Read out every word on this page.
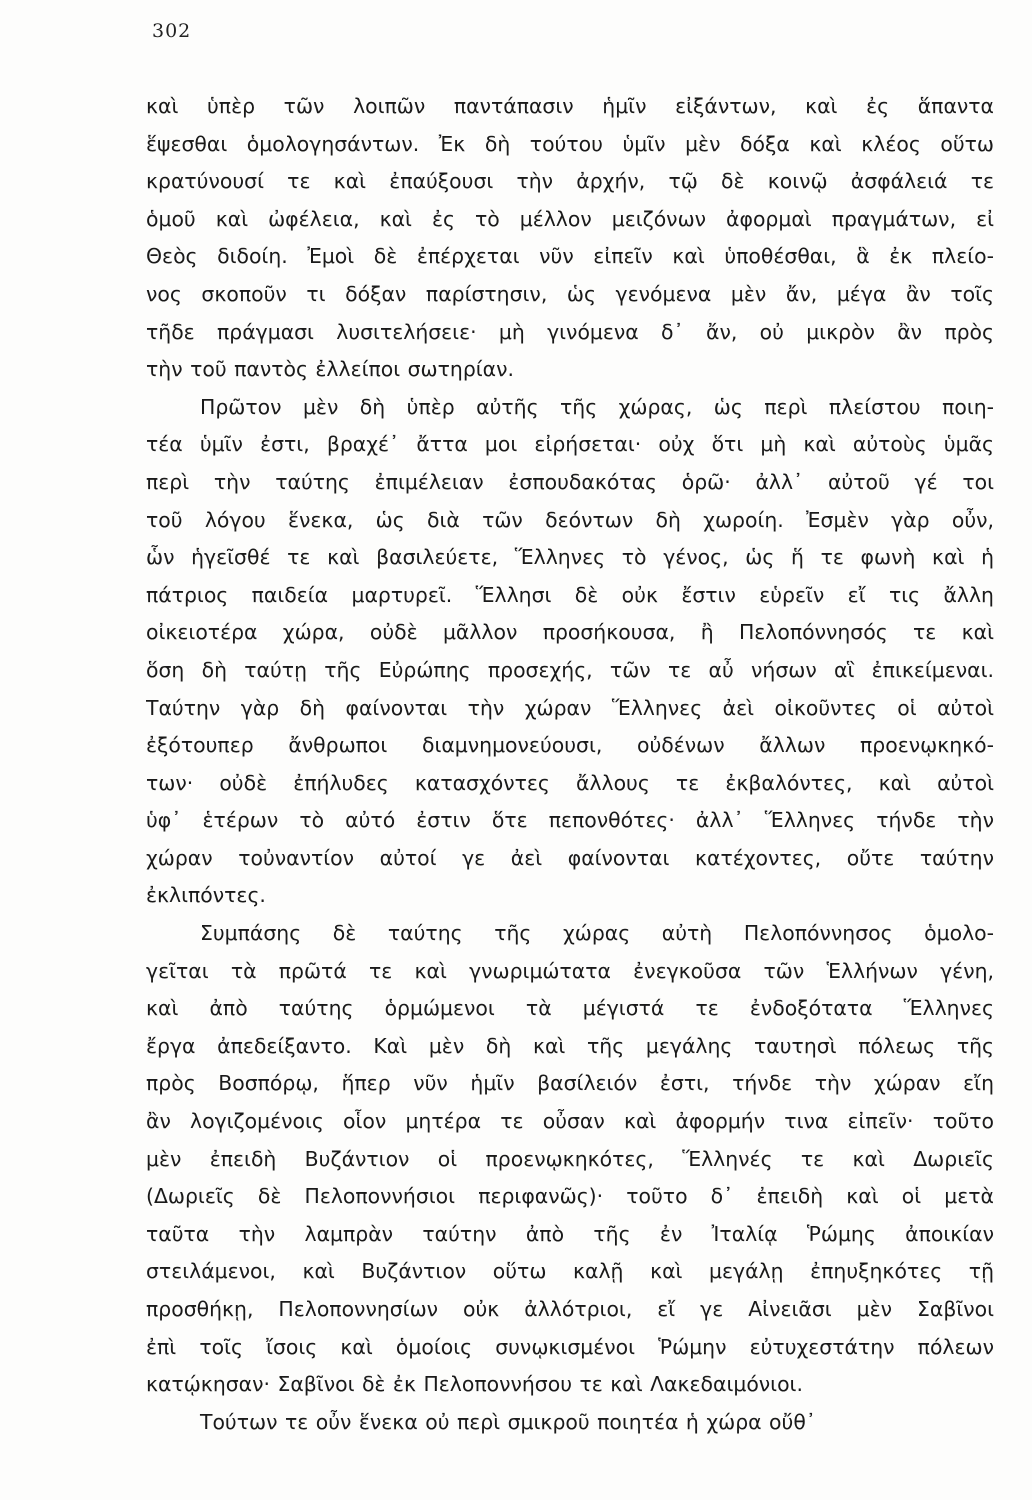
302
καὶ ὑπὲρ τῶν λοιπῶν παντάπασιν ἡμῖν εἰξάντων, καὶ ἐς ἅπαντα
ἕψεσθαι ὁμολογησάντων. Ἐκ δὴ τούτου ὑμῖν μὲν δόξα καὶ κλέος οὕτω
κρατύνουσί τε καὶ ἐπαύξουσι τὴν ἀρχήν, τῷ δὲ κοινῷ ἀσφάλειά τε
ὁμοῦ καὶ ὠφέλεια, καὶ ἐς τὸ μέλλον μειζόνων ἀφορμαὶ πραγμάτων, εἰ
Θεὸς διδοίη. Ἐμοὶ δὲ ἐπέρχεται νῦν εἰπεῖν καὶ ὑποθέσθαι, ἃ ἐκ πλείο-
νος σκοποῦν τι δόξαν παρίστησιν, ὡς γενόμενα μὲν ἄν, μέγα ἂν τοῖς
τῆδε πράγμασι λυσιτελήσειε· μὴ γινόμενα δ᾽ ἄν, οὐ μικρὸν ἂν πρὸς
τὴν τοῦ παντὸς ἐλλείποι σωτηρίαν.
Πρῶτον μὲν δὴ ὑπὲρ αὐτῆς τῆς χώρας, ὡς περὶ πλείστου ποιη-
τέα ὑμῖν ἐστι, βραχέ᾽ ἄττα μοι εἰρήσεται· οὐχ ὅτι μὴ καὶ αὐτοὺς ὑμᾶς
περὶ τὴν ταύτης ἐπιμέλειαν ἐσπουδακότας ὁρῶ· ἀλλ᾽ αὐτοῦ γέ τοι
τοῦ λόγου ἕνεκα, ὡς διὰ τῶν δεόντων δὴ χωροίη. Ἐσμὲν γὰρ οὖν,
ὧν ἡγεῖσθέ τε καὶ βασιλεύετε, Ἕλληνες τὸ γένος, ὡς ἥ τε φωνὴ καὶ ἡ
πάτριος παιδεία μαρτυρεῖ. Ἕλλησι δὲ οὐκ ἔστιν εὑρεῖν εἴ τις ἄλλη
οἰκειοτέρα χώρα, οὐδὲ μᾶλλον προσήκουσα, ἢ Πελοπόννησός τε καὶ
ὅση δὴ ταύτῃ τῆς Εὐρώπης προσεχής, τῶν τε αὖ νήσων αἳ ἐπικείμεναι.
Ταύτην γὰρ δὴ φαίνονται τὴν χώραν Ἕλληνες ἀεὶ οἰκοῦντες οἱ αὐτοὶ
ἐξότουπερ ἄνθρωποι διαμνημονεύουσι, οὐδένων ἄλλων προενῳκηκό-
των· οὐδὲ ἐπήλυδες κατασχόντες ἄλλους τε ἐκβαλόντες, καὶ αὐτοὶ
ὑφ᾽ ἑτέρων τὸ αὐτό ἐστιν ὅτε πεπονθότες· ἀλλ᾽ Ἕλληνες τήνδε τὴν
χώραν τοὐναντίον αὐτοί γε ἀεὶ φαίνονται κατέχοντες, οὔτε ταύτην
ἐκλιπόντες.
Συμπάσης δὲ ταύτης τῆς χώρας αὐτὴ Πελοπόννησος ὁμολο-
γεῖται τὰ πρῶτά τε καὶ γνωριμώτατα ἐνεγκοῦσα τῶν Ἑλλήνων γένη,
καὶ ἀπὸ ταύτης ὁρμώμενοι τὰ μέγιστά τε ἐνδοξότατα Ἕλληνες
ἔργα ἀπεδείξαντο. Καὶ μὲν δὴ καὶ τῆς μεγάλης ταυτησὶ πόλεως τῆς
πρὸς Βοσπόρῳ, ἥπερ νῦν ἡμῖν βασίλειόν ἐστι, τήνδε τὴν χώραν εἴη
ἂν λογιζομένοις οἷον μητέρα τε οὖσαν καὶ ἀφορμήν τινα εἰπεῖν· τοῦτο
μὲν ἐπειδὴ Βυζάντιον οἱ προενῳκηκότες, Ἕλληνές τε καὶ Δωριεῖς
(Δωριεῖς δὲ Πελοποννήσιοι περιφανῶς)· τοῦτο δ᾽ ἐπειδὴ καὶ οἱ μετὰ
ταῦτα τὴν λαμπρὰν ταύτην ἀπὸ τῆς ἐν Ἰταλίᾳ Ῥώμης ἀποικίαν
στειλάμενοι, καὶ Βυζάντιον οὕτω καλῇ καὶ μεγάλῃ ἐπηυξηκότες τῇ
προσθήκῃ, Πελοποννησίων οὐκ ἀλλότριοι, εἴ γε Αἰνειᾶσι μὲν Σαβῖνοι
ἐπὶ τοῖς ἴσοις καὶ ὁμοίοις συνῳκισμένοι Ῥώμην εὐτυχεστάτην πόλεων
κατῴκησαν· Σαβῖνοι δὲ ἐκ Πελοποννήσου τε καὶ Λακεδαιμόνιοι.
Τούτων τε οὖν ἕνεκα οὐ περὶ σμικροῦ ποιητέα ἡ χώρα οὔθ᾽
